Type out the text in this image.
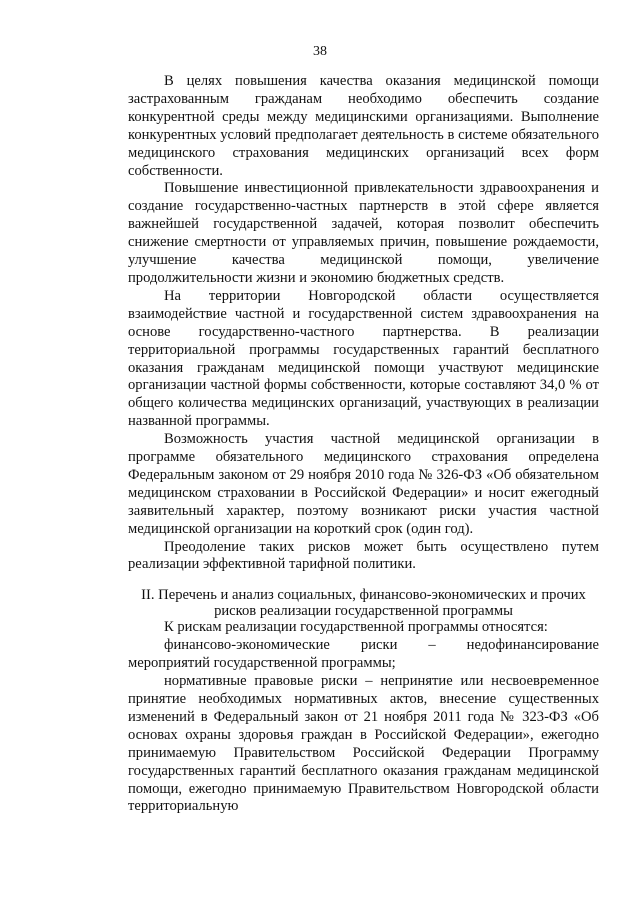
38

В целях повышения качества оказания медицинской помощи застрахованным гражданам необходимо обеспечить создание конкурентной среды между медицинскими организациями. Выполнение конкурентных условий предполагает деятельность в системе обязательного медицинского страхования медицинских организаций всех форм собственности.

Повышение инвестиционной привлекательности здравоохранения и создание государственно-частных партнерств в этой сфере является важнейшей государственной задачей, которая позволит обеспечить снижение смертности от управляемых причин, повышение рождаемости, улучшение качества медицинской помощи, увеличение продолжительности жизни и экономию бюджетных средств.

На территории Новгородской области осуществляется взаимодействие частной и государственной систем здравоохранения на основе государственно-частного партнерства. В реализации территориальной программы государственных гарантий бесплатного оказания гражданам медицинской помощи участвуют медицинские организации частной формы собственности, которые составляют 34,0 % от общего количества медицинских организаций, участвующих в реализации названной программы.

Возможность участия частной медицинской организации в программе обязательного медицинского страхования определена Федеральным законом от 29 ноября 2010 года № 326-ФЗ «Об обязательном медицинском страховании в Российской Федерации» и носит ежегодный заявительный характер, поэтому возникают риски участия частной медицинской организации на короткий срок (один год).

Преодоление таких рисков может быть осуществлено путем реализации эффективной тарифной политики.

II. Перечень и анализ социальных, финансово-экономических и прочих
рисков реализации государственной программы

К рискам реализации государственной программы относятся:

финансово-экономические риски – недофинансирование мероприятий государственной программы;

нормативные правовые риски – непринятие или несвоевременное принятие необходимых нормативных актов, внесение существенных изменений в Федеральный закон от 21 ноября 2011 года № 323-ФЗ «Об основах охраны здоровья граждан в Российской Федерации», ежегодно принимаемую Правительством Российской Федерации Программу государственных гарантий бесплатного оказания гражданам медицинской помощи, ежегодно принимаемую Правительством Новгородской области территориальную
